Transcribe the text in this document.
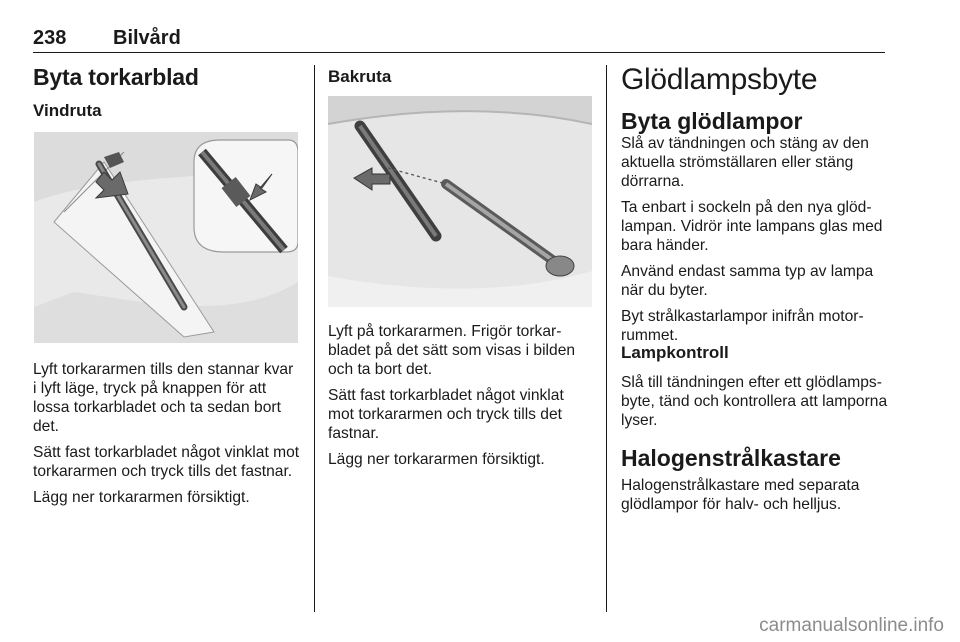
238 Bilvård
Byta torkarblad
Vindruta

Lyft torkararmen tills den stannar kvar i lyft läge, tryck på knappen för att lossa torkarbladet och ta sedan bort det.

Sätt fast torkarbladet något vinklat mot torkararmen och tryck tills det fastnar.

Lägg ner torkararmen försiktigt.

Bakruta

Lyft på torkararmen. Frigör torkarbladet på det sätt som visas i bilden och ta bort det.

Sätt fast torkarbladet något vinklat mot torkararmen och tryck tills det fastnar.

Lägg ner torkararmen försiktigt.

Glödlampsbyte
Byta glödlampor

Slå av tändningen och stäng av den aktuella strömställaren eller stäng dörrarna.

Ta enbart i sockeln på den nya glödlampan. Vidrör inte lampans glas med bara händer.

Använd endast samma typ av lampa när du byter.

Byt strålkastarlampor inifrån motorrummet.

Lampkontroll

Slå till tändningen efter ett glödlampsbyte, tänd och kontrollera att lamporna lyser.

Halogenstrålkastare

Halogenstrålkastare med separata glödlampor för halv- och helljus.

carmanualsonline.info
